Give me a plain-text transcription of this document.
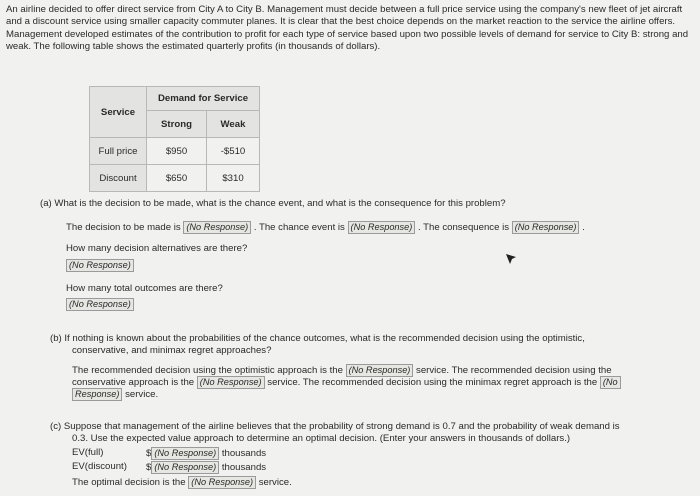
An airline decided to offer direct service from City A to City B. Management must decide between a full price service using the company's new fleet of jet aircraft and a discount service using smaller capacity commuter planes. It is clear that the best choice depends on the market reaction to the service the airline offers. Management developed estimates of the contribution to profit for each type of service based upon two possible levels of demand for service to City B: strong and weak. The following table shows the estimated quarterly profits (in thousands of dollars).
Service	Demand for Service	
	Strong	Weak
Full price	$950	-$510
Discount	$650	$310
(a) What is the decision to be made, what is the chance event, and what is the consequence for this problem?
The decision to be made is (No Response) . The chance event is (No Response) . The consequence is (No Response) .
How many decision alternatives are there?
(No Response)
How many total outcomes are there?
(No Response)
(b) If nothing is known about the probabilities of the chance outcomes, what is the recommended decision using the optimistic,
conservative, and minimax regret approaches?
The recommended decision using the optimistic approach is the (No Response) service. The recommended decision using the
conservative approach is the (No Response) service. The recommended decision using the minimax regret approach is the (No
Response) service.
(c) Suppose that management of the airline believes that the probability of strong demand is 0.7 and the probability of weak demand is
0.3. Use the expected value approach to determine an optimal decision. (Enter your answers in thousands of dollars.)
EV(full)	$ (No Response) thousands
EV(discount) $ (No Response) thousands
The optimal decision is the (No Response) service.
